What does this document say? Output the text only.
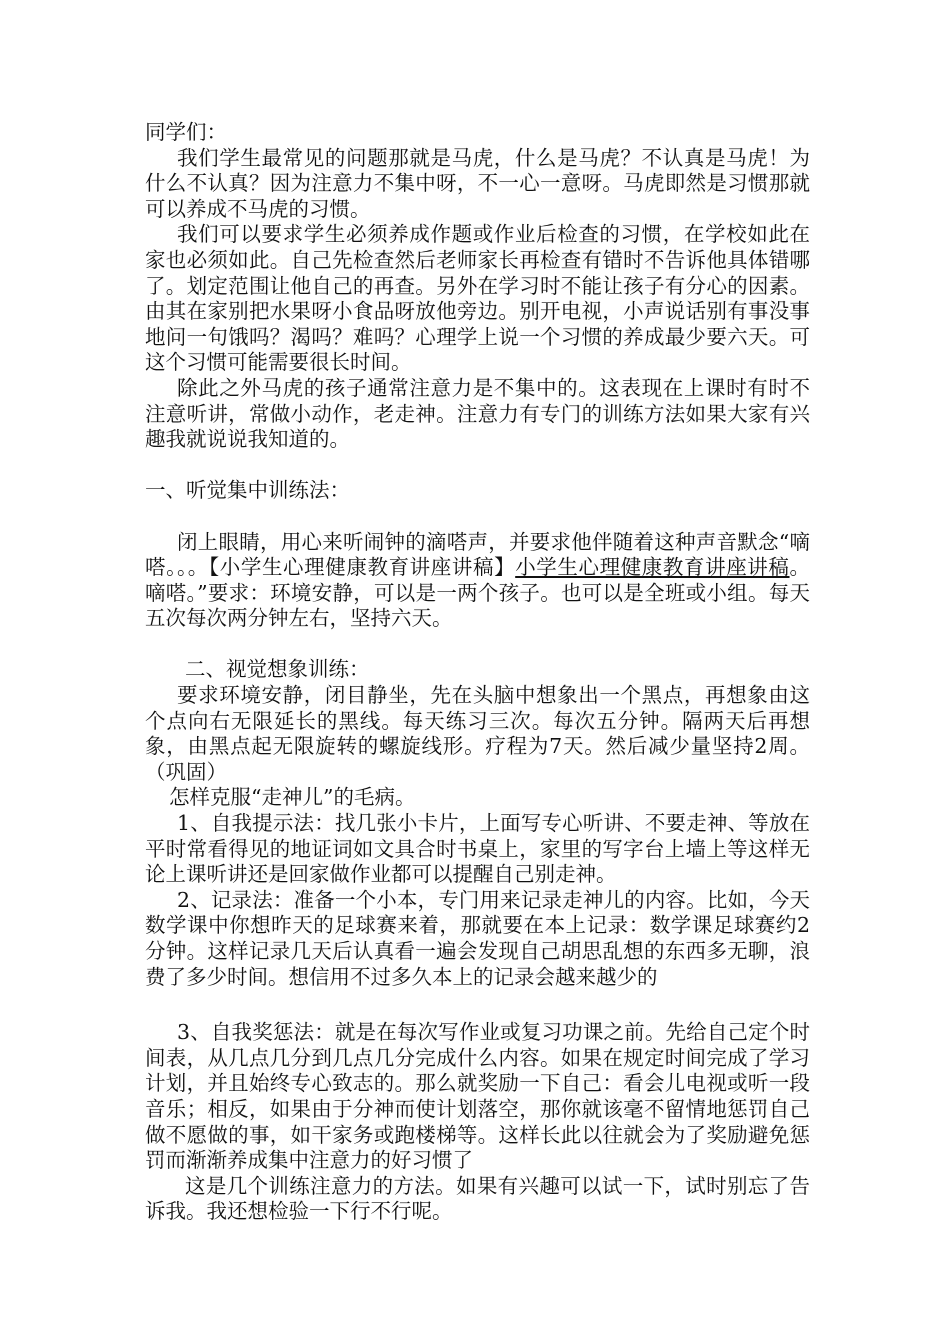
同学们：

我们学生最常见的问题那就是马虎，什么是马虎？不认真是马虎！为什么不认真？因为注意力不集中呀，不一心一意呀。马虎即然是习惯那就可以养成不马虎的习惯。

我们可以要求学生必须养成作题或作业后检查的习惯，在学校如此在家也必须如此。自己先检查然后老师家长再检查有错时不告诉他具体错哪了。划定范围让他自己的再查。另外在学习时不能让孩子有分心的因素。由其在家别把水果呀小食品呀放他旁边。别开电视，小声说话别有事没事地问一句饿吗？渴吗？难吗？心理学上说一个习惯的养成最少要六天。可这个习惯可能需要很长时间。

除此之外马虎的孩子通常注意力是不集中的。这表现在上课时有时不注意听讲，常做小动作，老走神。注意力有专门的训练方法如果大家有兴趣我就说说我知道的。

一、听觉集中训练法：

闭上眼睛，用心来听闹钟的滴嗒声，并要求他伴随着这种声音默念“嘀嗒。。。【小学生心理健康教育讲座讲稿】小学生心理健康教育讲座讲稿。嘀嗒。”要求：环境安静，可以是一两个孩子。也可以是全班或小组。每天五次每次两分钟左右，坚持六天。

二、视觉想象训练：

要求环境安静，闭目静坐，先在头脑中想象出一个黑点，再想象由这个点向右无限延长的黑线。每天练习三次。每次五分钟。隔两天后再想象，由黑点起无限旋转的螺旋线形。疗程为7天。然后减少量坚持2周。（巩固）

怎样克服“走神儿”的毛病。

1、自我提示法：找几张小卡片，上面写专心听讲、不要走神、等放在平时常看得见的地证词如文具合时书桌上，家里的写字台上墙上等这样无论上课听讲还是回家做作业都可以提醒自己别走神。

2、记录法：准备一个小本，专门用来记录走神儿的内容。比如，今天数学课中你想昨天的足球赛来着，那就要在本上记录：数学课足球赛约2分钟。这样记录几天后认真看一遍会发现自己胡思乱想的东西多无聊，浪费了多少时间。想信用不过多久本上的记录会越来越少的

3、自我奖惩法：就是在每次写作业或复习功课之前。先给自己定个时间表，从几点几分到几点几分完成什么内容。如果在规定时间完成了学习计划，并且始终专心致志的。那么就奖励一下自己：看会儿电视或听一段音乐；相反，如果由于分神而使计划落空，那你就该毫不留情地惩罚自己做不愿做的事，如干家务或跑楼梯等。这样长此以往就会为了奖励避免惩罚而渐渐养成集中注意力的好习惯了

这是几个训练注意力的方法。如果有兴趣可以试一下，试时别忘了告诉我。我还想检验一下行不行呢。
